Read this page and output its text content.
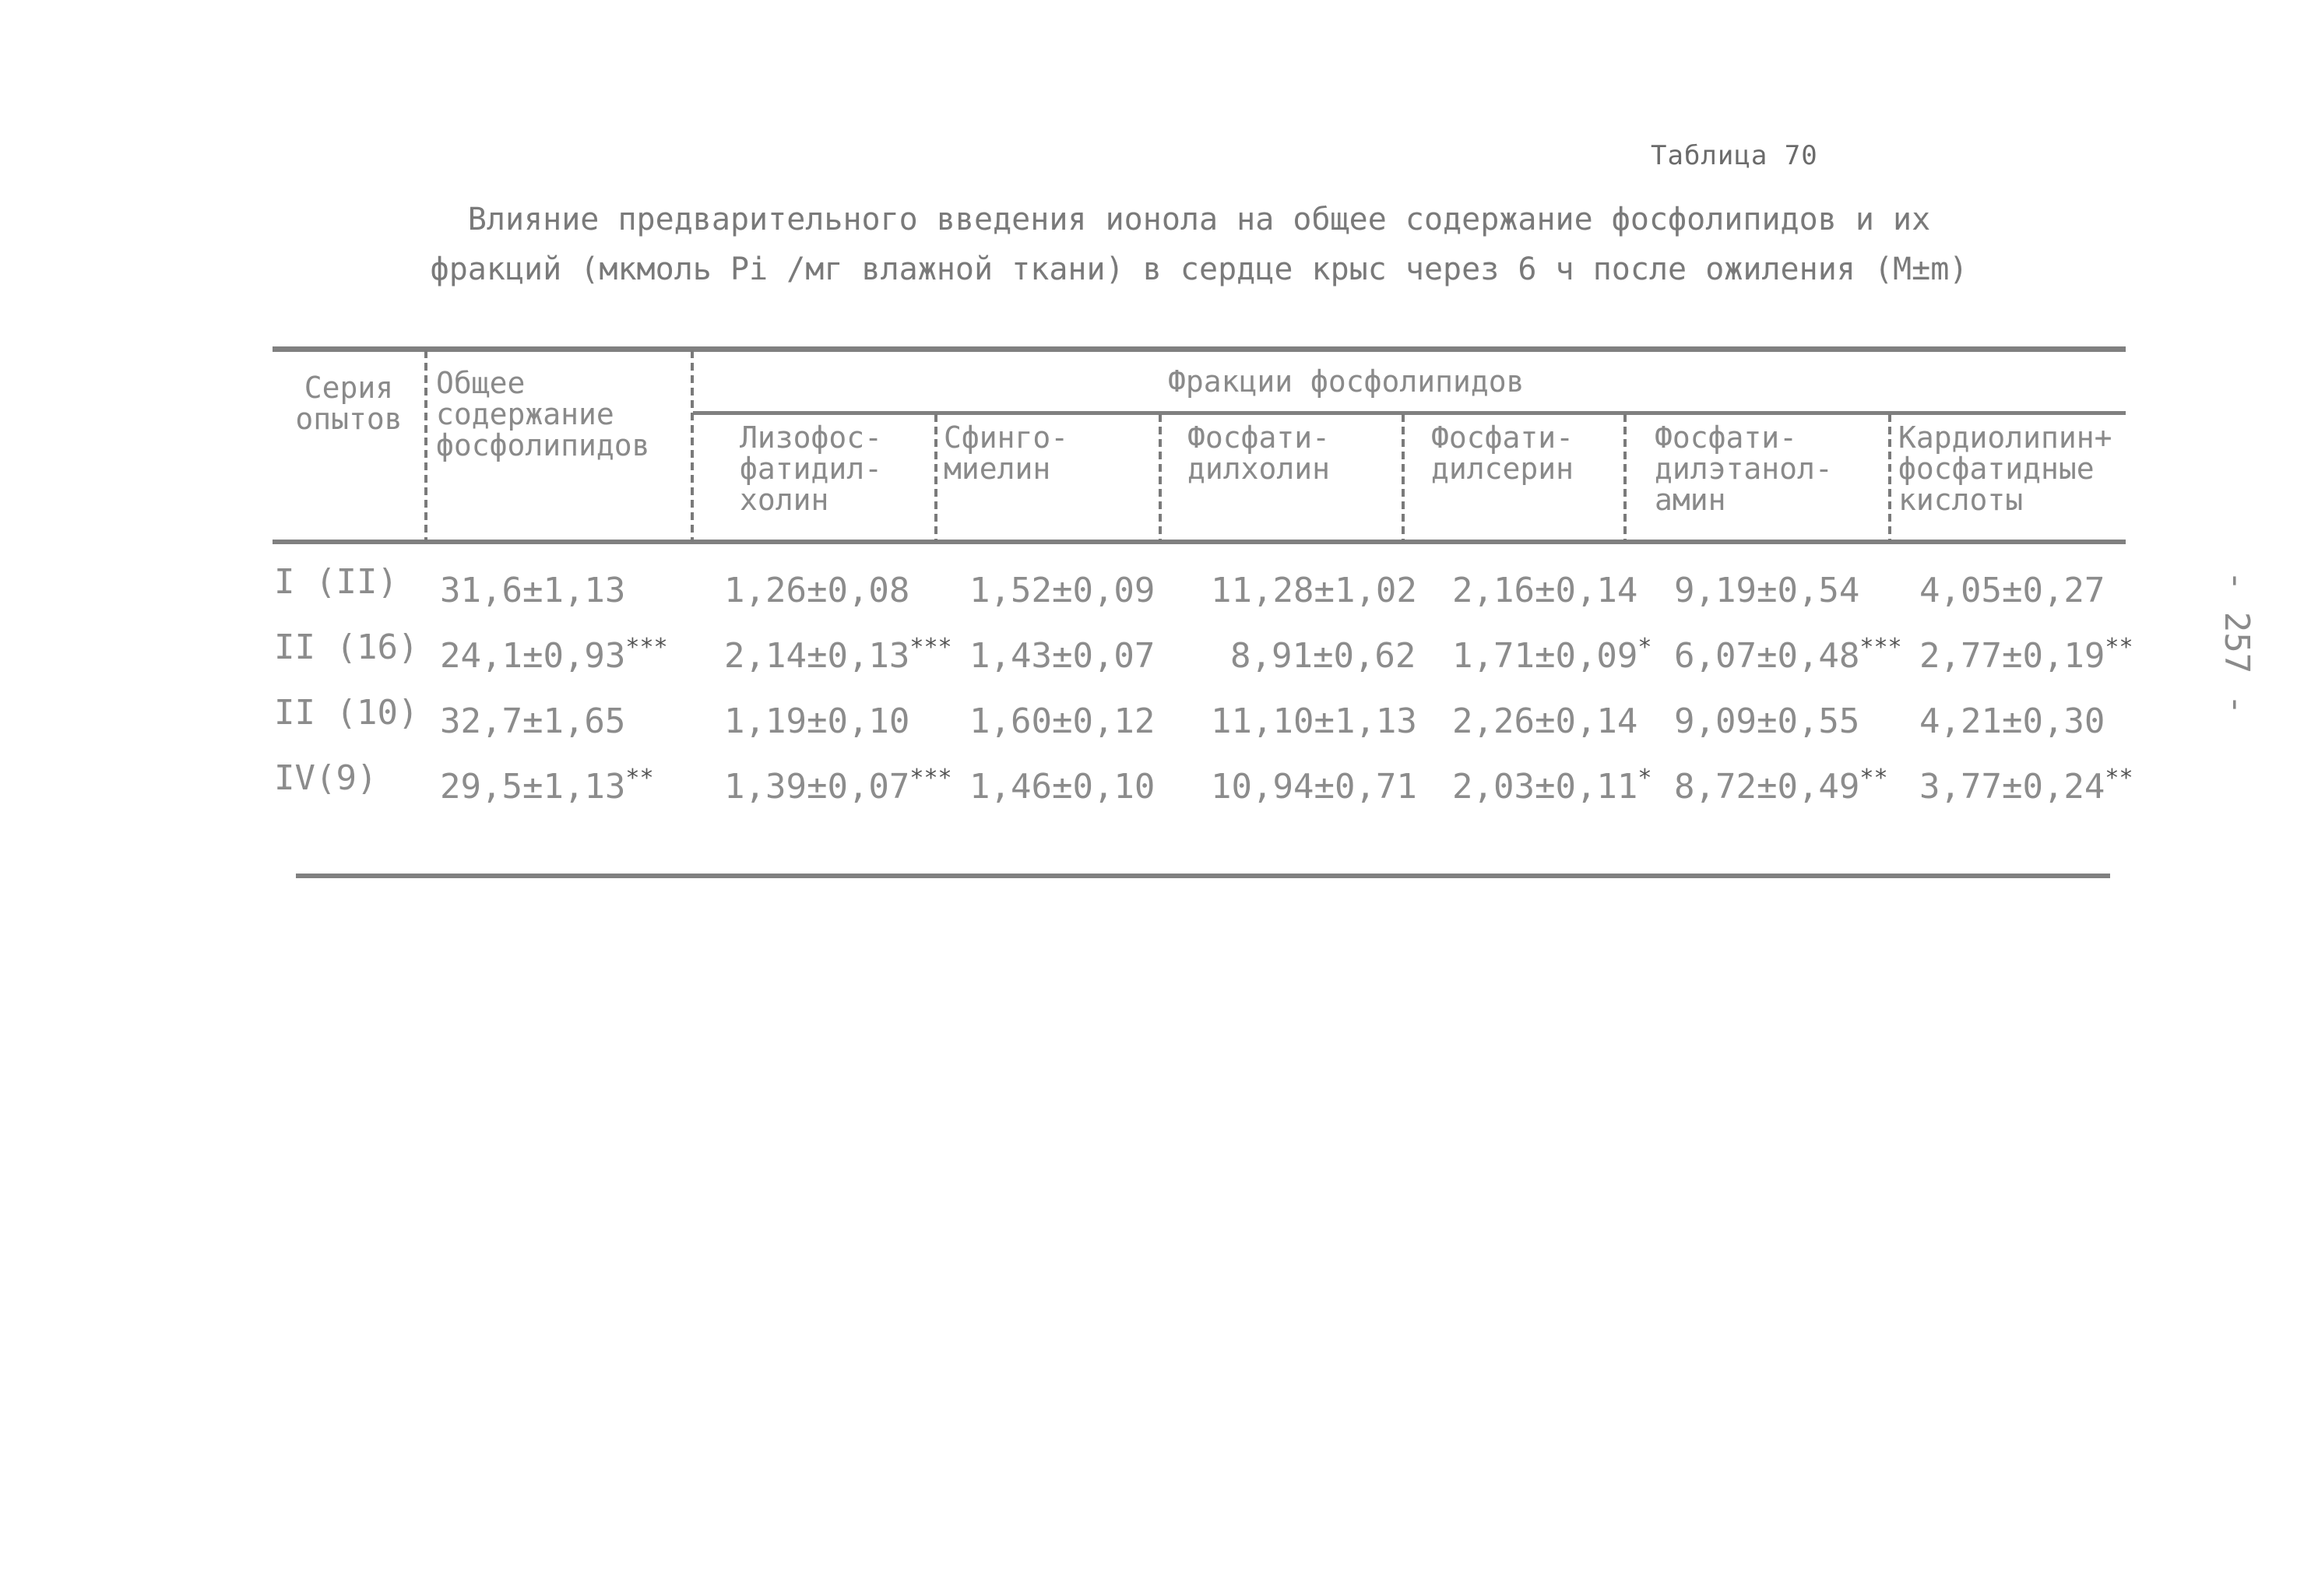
Таблица 70
Влияние предварительного введения ионола на общее содержание фосфолипидов и их
фракций (мкмоль Pi /мг влажной ткани) в сердце крыс через 6 ч после ожиления (M±m)
Серия
опытов
Общее
содержание
фосфолипидов
Фракции фосфолипидов
Лизофос-
фатидил-
холин
Сфинго-
миелин
Фосфати-
дилхолин
Фосфати-
дилсерин
Фосфати-
дилэтанол-
амин
Кардиолипин+
фосфатидные
кислоты
I (II) 31,6±1,13	1,26±0,08 1,52±0,09 11,28±1,02 2,16±0,14 9,19±0,54 4,05±0,27
II (16) 24,1±0,93*** 2,14±0,13*** 1,43±0,07 8,91±0,62 1,71±0,09* 6,07±0,48*** 2,77±0,19**
II (10) 32,7±1,65	1,19±0,10 1,60±0,12 11,10±1,13 2,26±0,14 9,09±0,55 4,21±0,30
IV(9) 29,5±1,13** 1,39±0,07*** 1,46±0,10 10,94±0,71 2,03±0,11* 8,72±0,49** 3,77±0,24**
- 257 -
